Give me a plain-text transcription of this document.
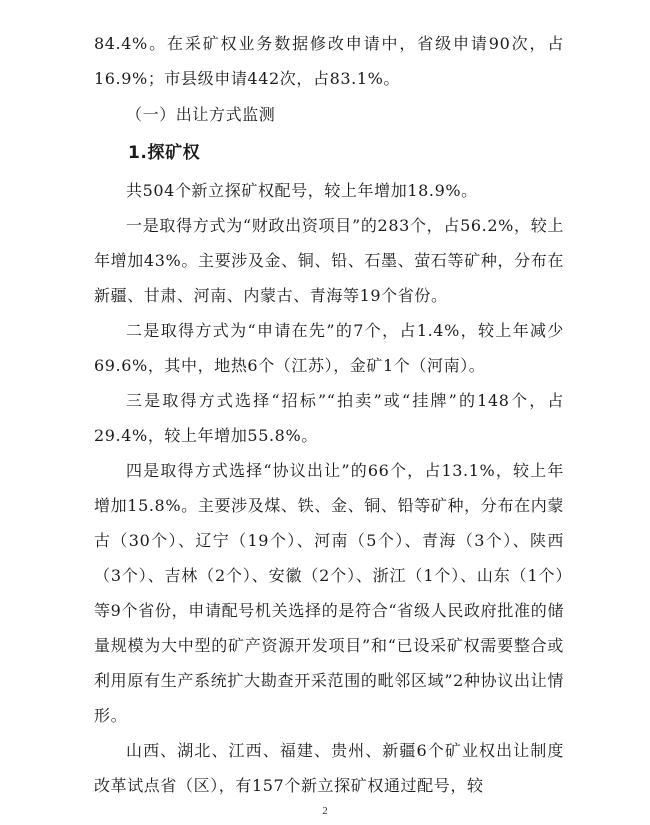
84.4%。在采矿权业务数据修改申请中，省级申请90次，占16.9%；市县级申请442次，占83.1%。

（一）出让方式监测
1.探矿权

共504个新立探矿权配号，较上年增加18.9%。

一是取得方式为“财政出资项目”的283个，占56.2%，较上年增加43%。主要涉及金、铜、铅、石墨、萤石等矿种，分布在新疆、甘肃、河南、内蒙古、青海等19个省份。

二是取得方式为“申请在先”的7个，占1.4%，较上年减少69.6%，其中，地热6个（江苏），金矿1个（河南）。

三是取得方式选择“招标”“拍卖”或“挂牌”的148个，占29.4%，较上年增加55.8%。

四是取得方式选择“协议出让”的66个，占13.1%，较上年增加15.8%。主要涉及煤、铁、金、铜、铅等矿种，分布在内蒙古（30个）、辽宁（19个）、河南（5个）、青海（3个）、陕西（3个）、吉林（2个）、安徽（2个）、浙江（1个）、山东（1个）等9个省份，申请配号机关选择的是符合“省级人民政府批准的储量规模为大中型的矿产资源开发项目”和“已设采矿权需要整合或利用原有生产系统扩大勘查开采范围的毗邻区域”2种协议出让情形。

山西、湖北、江西、福建、贵州、新疆6个矿业权出让制度改革试点省（区），有157个新立探矿权通过配号，较

2
